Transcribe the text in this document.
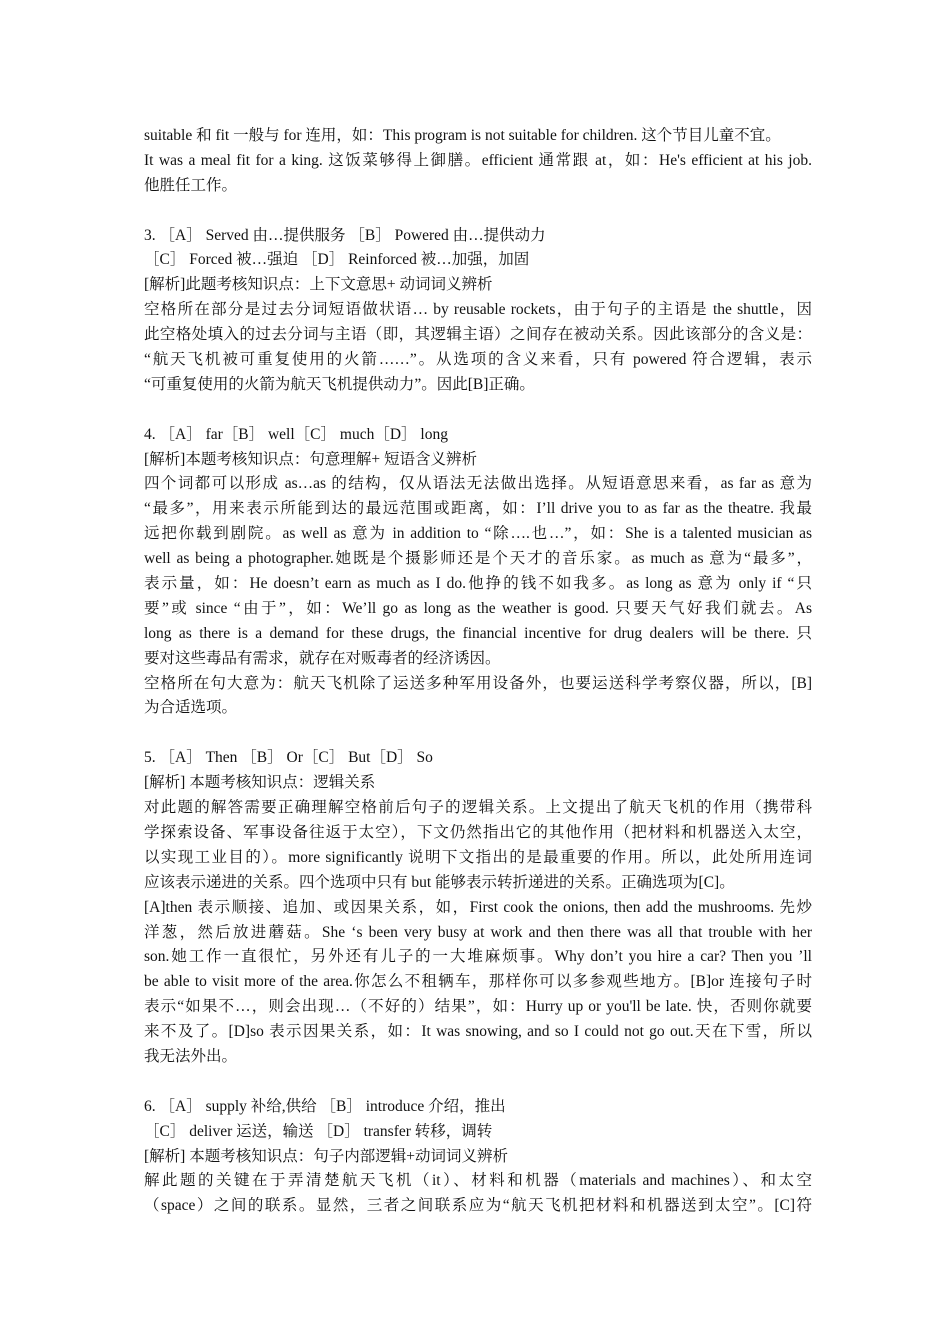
suitable 和 fit 一般与 for 连用，如：This program is not suitable for children. 这个节目儿童不宜。
It was a meal fit for a king. 这饭菜够得上御膳。efficient 通常跟 at，如：He's efficient at his job.
他胜任工作。
3. ［A］ Served 由…提供服务 ［B］ Powered 由…提供动力
［C］ Forced 被…强迫 ［D］ Reinforced 被…加强，加固
[解析]此题考核知识点：上下文意思+ 动词词义辨析
空格所在部分是过去分词短语做状语… by reusable rockets，由于句子的主语是 the shuttle，因
此空格处填入的过去分词与主语（即，其逻辑主语）之间存在被动关系。因此该部分的含义是：
“航天飞机被可重复使用的火箭……”。从选项的含义来看，只有 powered 符合逻辑，表示
“可重复使用的火箭为航天飞机提供动力”。因此[B]正确。
4. ［A］ far［B］ well［C］ much［D］ long
[解析]本题考核知识点：句意理解+ 短语含义辨析
四个词都可以形成 as…as 的结构，仅从语法无法做出选择。从短语意思来看，as far as 意为
“最多”，用来表示所能到达的最远范围或距离，如：I’ll drive you to as far as the theatre. 我最
远把你载到剧院。as well as 意为 in addition to “除….也…”，如：She is a talented musician as
well as being a photographer.她既是个摄影师还是个天才的音乐家。as much as 意为“最多”，
表示量，如：He doesn’t earn as much as I do.他挣的钱不如我多。as long as 意为 only if “只
要”或 since “由于”，如：We’ll go as long as the weather is good. 只要天气好我们就去。As
long as there is a demand for these drugs, the financial incentive for drug dealers will be there. 只
要对这些毒品有需求，就存在对贩毒者的经济诱因。
空格所在句大意为：航天飞机除了运送多种军用设备外，也要运送科学考察仪器，所以，[B]
为合适选项。
5. ［A］ Then ［B］ Or［C］ But［D］ So
[解析] 本题考核知识点：逻辑关系
对此题的解答需要正确理解空格前后句子的逻辑关系。上文提出了航天飞机的作用（携带科
学探索设备、军事设备往返于太空），下文仍然指出它的其他作用（把材料和机器送入太空，
以实现工业目的）。more significantly 说明下文指出的是最重要的作用。所以，此处所用连词
应该表示递进的关系。四个选项中只有 but 能够表示转折递进的关系。正确选项为[C]。
[A]then 表示顺接、追加、或因果关系，如，First cook the onions, then add the mushrooms. 先炒
洋葱，然后放进蘑菇。She ‘s been very busy at work and then there was all that trouble with her
son.她工作一直很忙，另外还有儿子的一大堆麻烦事。Why don’t you hire a car? Then you ’ll
be able to visit more of the area.你怎么不租辆车，那样你可以多参观些地方。[B]or 连接句子时
表示“如果不…，则会出现…（不好的）结果”，如：Hurry up or you'll be late. 快，否则你就要
来不及了。[D]so 表示因果关系，如：It was snowing, and so I could not go out.天在下雪，所以
我无法外出。
6. ［A］ supply 补给,供给 ［B］ introduce 介绍，推出
［C］ deliver 运送，输送 ［D］ transfer 转移，调转
[解析] 本题考核知识点：句子内部逻辑+动词词义辨析
解此题的关键在于弄清楚航天飞机（it）、材料和机器（materials and machines）、和太空
（space）之间的联系。显然，三者之间联系应为“航天飞机把材料和机器送到太空”。[C]符
